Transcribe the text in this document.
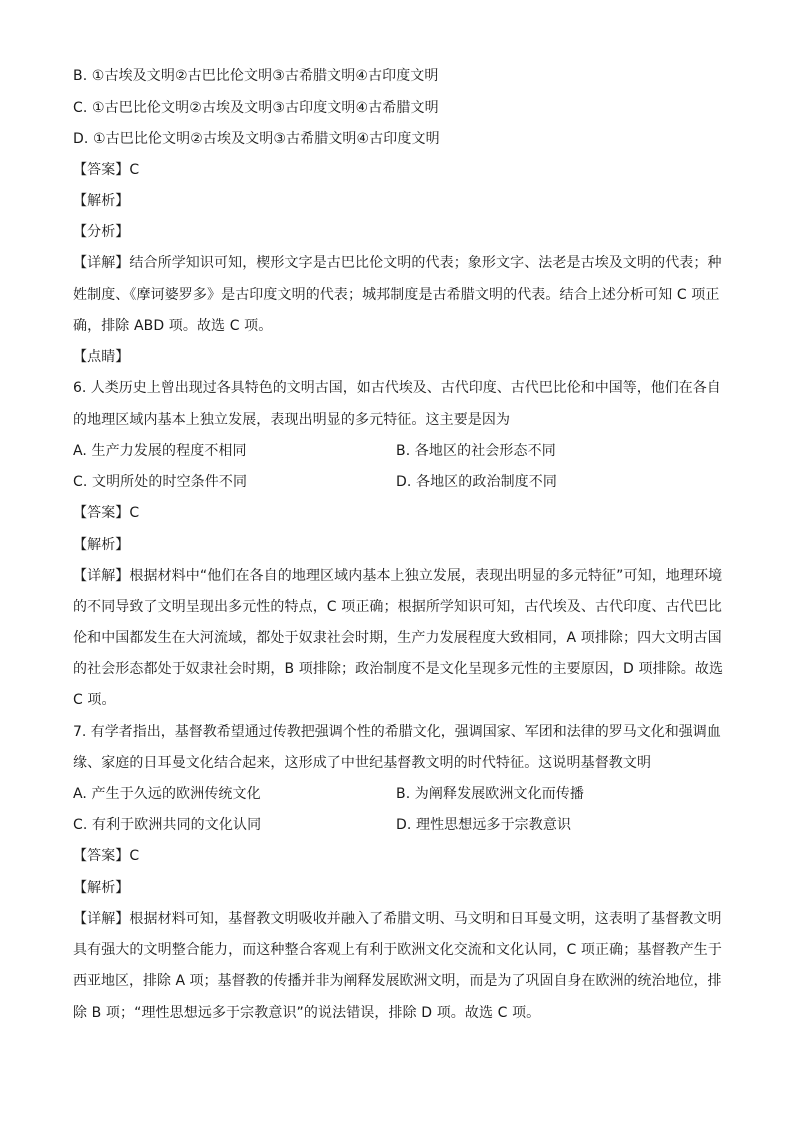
B. ①古埃及文明②古巴比伦文明③古希腊文明④古印度文明
C. ①古巴比伦文明②古埃及文明③古印度文明④古希腊文明
D. ①古巴比伦文明②古埃及文明③古希腊文明④古印度文明
【答案】C
【解析】
【分析】
【详解】结合所学知识可知，楔形文字是古巴比伦文明的代表；象形文字、法老是古埃及文明的代表；种
姓制度、《摩诃婆罗多》是古印度文明的代表；城邦制度是古希腊文明的代表。结合上述分析可知 C 项正
确，排除 ABD 项。故选 C 项。
【点睛】
6. 人类历史上曾出现过各具特色的文明古国，如古代埃及、古代印度、古代巴比伦和中国等，他们在各自
的地理区域内基本上独立发展，表现出明显的多元特征。这主要是因为
A. 生产力发展的程度不相同	B. 各地区的社会形态不同
C. 文明所处的时空条件不同	D. 各地区的政治制度不同
【答案】C
【解析】
【详解】根据材料中“他们在各自的地理区域内基本上独立发展，表现出明显的多元特征”可知，地理环境
的不同导致了文明呈现出多元性的特点，C 项正确；根据所学知识可知，古代埃及、古代印度、古代巴比
伦和中国都发生在大河流域，都处于奴隶社会时期，生产力发展程度大致相同，A 项排除；四大文明古国
的社会形态都处于奴隶社会时期，B 项排除；政治制度不是文化呈现多元性的主要原因，D 项排除。故选
C 项。
7. 有学者指出，基督教希望通过传教把强调个性的希腊文化，强调国家、军团和法律的罗马文化和强调血
缘、家庭的日耳曼文化结合起来，这形成了中世纪基督教文明的时代特征。这说明基督教文明
A. 产生于久远的欧洲传统文化	B. 为阐释发展欧洲文化而传播
C. 有利于欧洲共同的文化认同	D. 理性思想远多于宗教意识
【答案】C
【解析】
【详解】根据材料可知，基督教文明吸收并融入了希腊文明、马文明和日耳曼文明，这表明了基督教文明
具有强大的文明整合能力，而这种整合客观上有利于欧洲文化交流和文化认同，C 项正确；基督教产生于
西亚地区，排除 A 项；基督教的传播并非为阐释发展欧洲文明，而是为了巩固自身在欧洲的统治地位，排
除 B 项；“理性思想远多于宗教意识”的说法错误，排除 D 项。故选 C 项。
